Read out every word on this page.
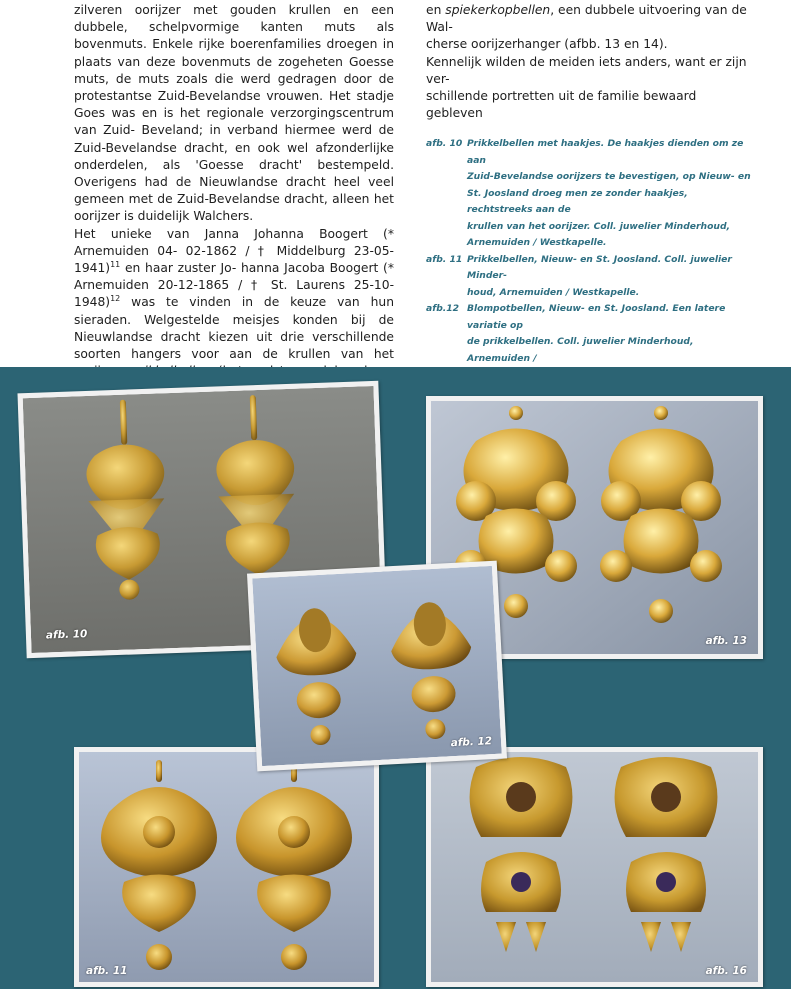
zilveren oorijzer met gouden krullen en een dubbele, schelpvormige kanten muts als bovenmuts. Enkele rijke boerenfamilies droegen in plaats van deze bovenmuts de zogeheten Goesse muts, de muts zoals die werd gedragen door de protestantse Zuid-Bevelandse vrouwen. Het stadje Goes was en is het regionale verzorgingscentrum van Zuid- Beveland; in verband hiermee werd de Zuid-Bevelandse dracht, en ook wel afzonderlijke onderdelen, als 'Goesse dracht' bestempeld. Overigens had de Nieuwlandse dracht heel veel gemeen met de Zuid-Bevelandse dracht, alleen het oorijzer is duidelijk Walchers.

Het unieke van Janna Johanna Boogert (* Arnemuiden 04- 02-1862 / † Middelburg 23-05-1941)$^{11}$ en haar zuster Jo- hanna Jacoba Boogert (* Arnemuiden 20-12-1865 / † St. Laurens 25-10-1948)$^{12}$ was te vinden in de keuze van hun sieraden. Welgestelde meisjes konden bij de Nieuwlandse dracht kiezen uit drie verschillende soorten hangers voor aan de krullen van het

en spiekerkopbellen, een dubbele uitvoering van de Wal-
cherse oorijzerhanger (afbb. 13 en 14).
Kennelijk wilden de meiden iets anders, want er zijn ver-
schillende portretten uit de familie bewaard gebleven

afb. 10 Prikkelbellen met haakjes. De haakjes dienden om ze aan
Zuid-Bevelandse oorijzers te bevestigen, op Nieuw- en
St. Joosland droeg men ze zonder haakjes, rechtstreeks aan de
krullen van het oorijzer. Coll. juwelier Minderhoud,
Arnemuiden / Westkapelle.
afb. 11 Prikkelbellen, Nieuw- en St. Joosland. Coll. juwelier Minder-
houd, Arnemuiden / Westkapelle.
afb.12 Blompotbellen, Nieuw- en St. Joosland. Een latere variatie op
de prikkelbellen. Coll. juwelier Minderhoud, Arnemuiden /
afb. 10	afb. 13
afb. 11	afb. 16
afb. 12
